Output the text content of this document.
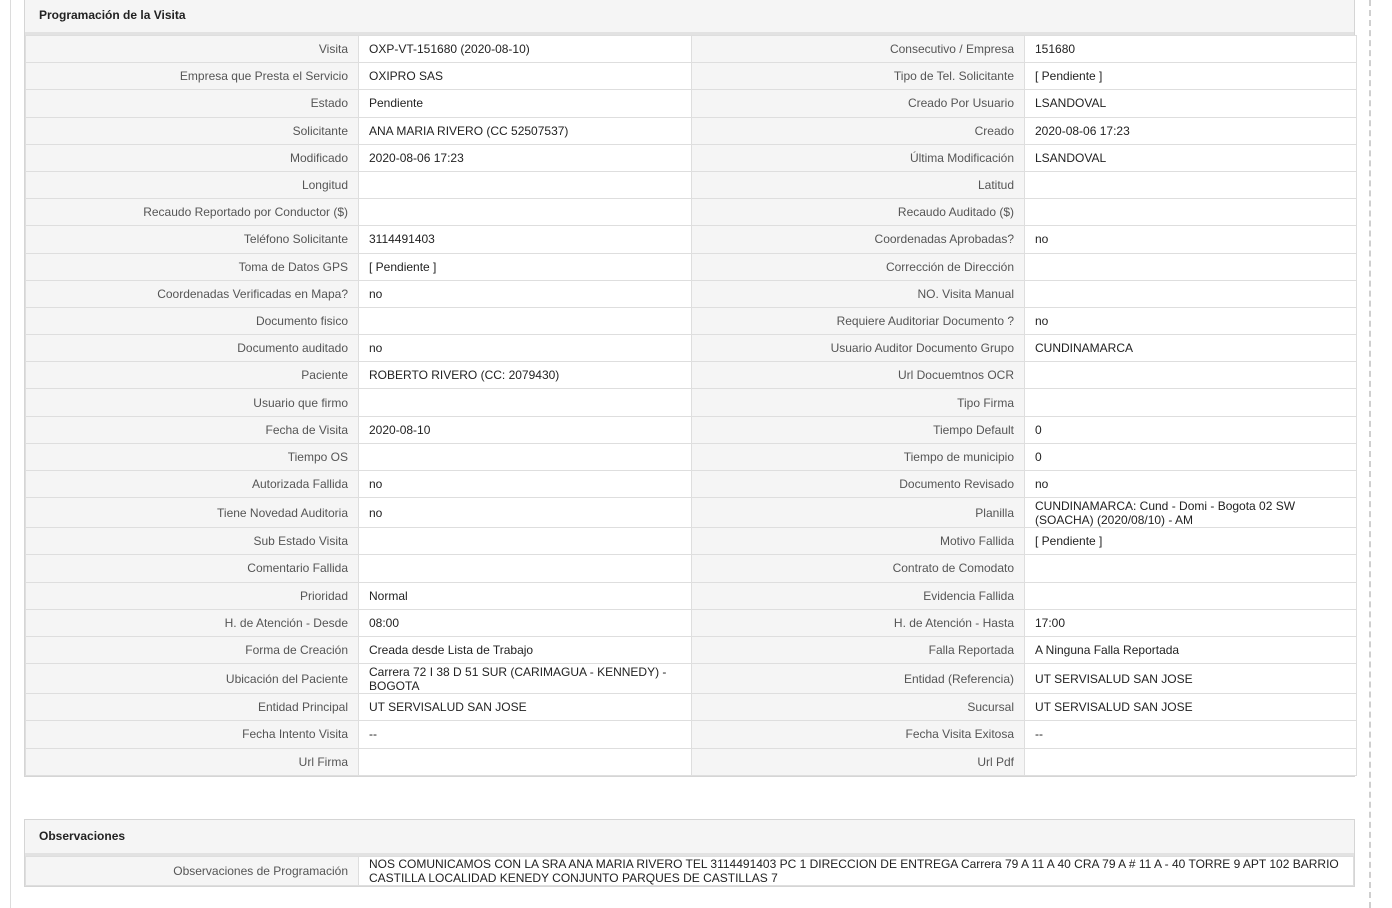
Programación de la Visita
Visita	OXP-VT-151680 (2020-08-10)	Consecutivo / Empresa	151680
Empresa que Presta el Servicio	OXIPRO SAS	Tipo de Tel. Solicitante	[ Pendiente ]
Estado	Pendiente	Creado Por Usuario	LSANDOVAL
Solicitante	ANA MARIA RIVERO (CC 52507537)	Creado	2020-08-06 17:23
Modificado	2020-08-06 17:23	Última Modificación	LSANDOVAL
Longitud		Latitud	
Recaudo Reportado por Conductor ($)		Recaudo Auditado ($)	
Teléfono Solicitante	3114491403	Coordenadas Aprobadas?	no
Toma de Datos GPS	[ Pendiente ]	Corrección de Dirección	
Coordenadas Verificadas en Mapa?	no	NO. Visita Manual	
Documento fisico		Requiere Auditoriar Documento ?	no
Documento auditado	no	Usuario Auditor Documento Grupo	CUNDINAMARCA
Paciente	ROBERTO RIVERO (CC: 2079430)	Url Docuemtnos OCR	
Usuario que firmo		Tipo Firma	
Fecha de Visita	2020-08-10	Tiempo Default	0
Tiempo OS		Tiempo de municipio	0
Autorizada Fallida	no	Documento Revisado	no
Tiene Novedad Auditoria	no	Planilla	CUNDINAMARCA: Cund - Domi - Bogota 02 SW (SOACHA) (2020/08/10) - AM
Sub Estado Visita		Motivo Fallida	[ Pendiente ]
Comentario Fallida		Contrato de Comodato	
Prioridad	Normal	Evidencia Fallida	
H. de Atención - Desde	08:00	H. de Atención - Hasta	17:00
Forma de Creación	Creada desde Lista de Trabajo	Falla Reportada	A Ninguna Falla Reportada
Ubicación del Paciente	Carrera 72 I 38 D 51 SUR (CARIMAGUA - KENNEDY) - BOGOTA	Entidad (Referencia)	UT SERVISALUD SAN JOSE
Entidad Principal	UT SERVISALUD SAN JOSE	Sucursal	UT SERVISALUD SAN JOSE
Fecha Intento Visita	--	Fecha Visita Exitosa	--
Url Firma		Url Pdf	
Observaciones
Observaciones de Programación	NOS COMUNICAMOS CON LA SRA ANA MARIA RIVERO TEL 3114491403 PC 1 DIRECCION DE ENTREGA Carrera 79 A 11 A 40 CRA 79 A # 11 A - 40 TORRE 9 APT 102 BARRIO CASTILLA LOCALIDAD KENEDY CONJUNTO PARQUES DE CASTILLAS 7
